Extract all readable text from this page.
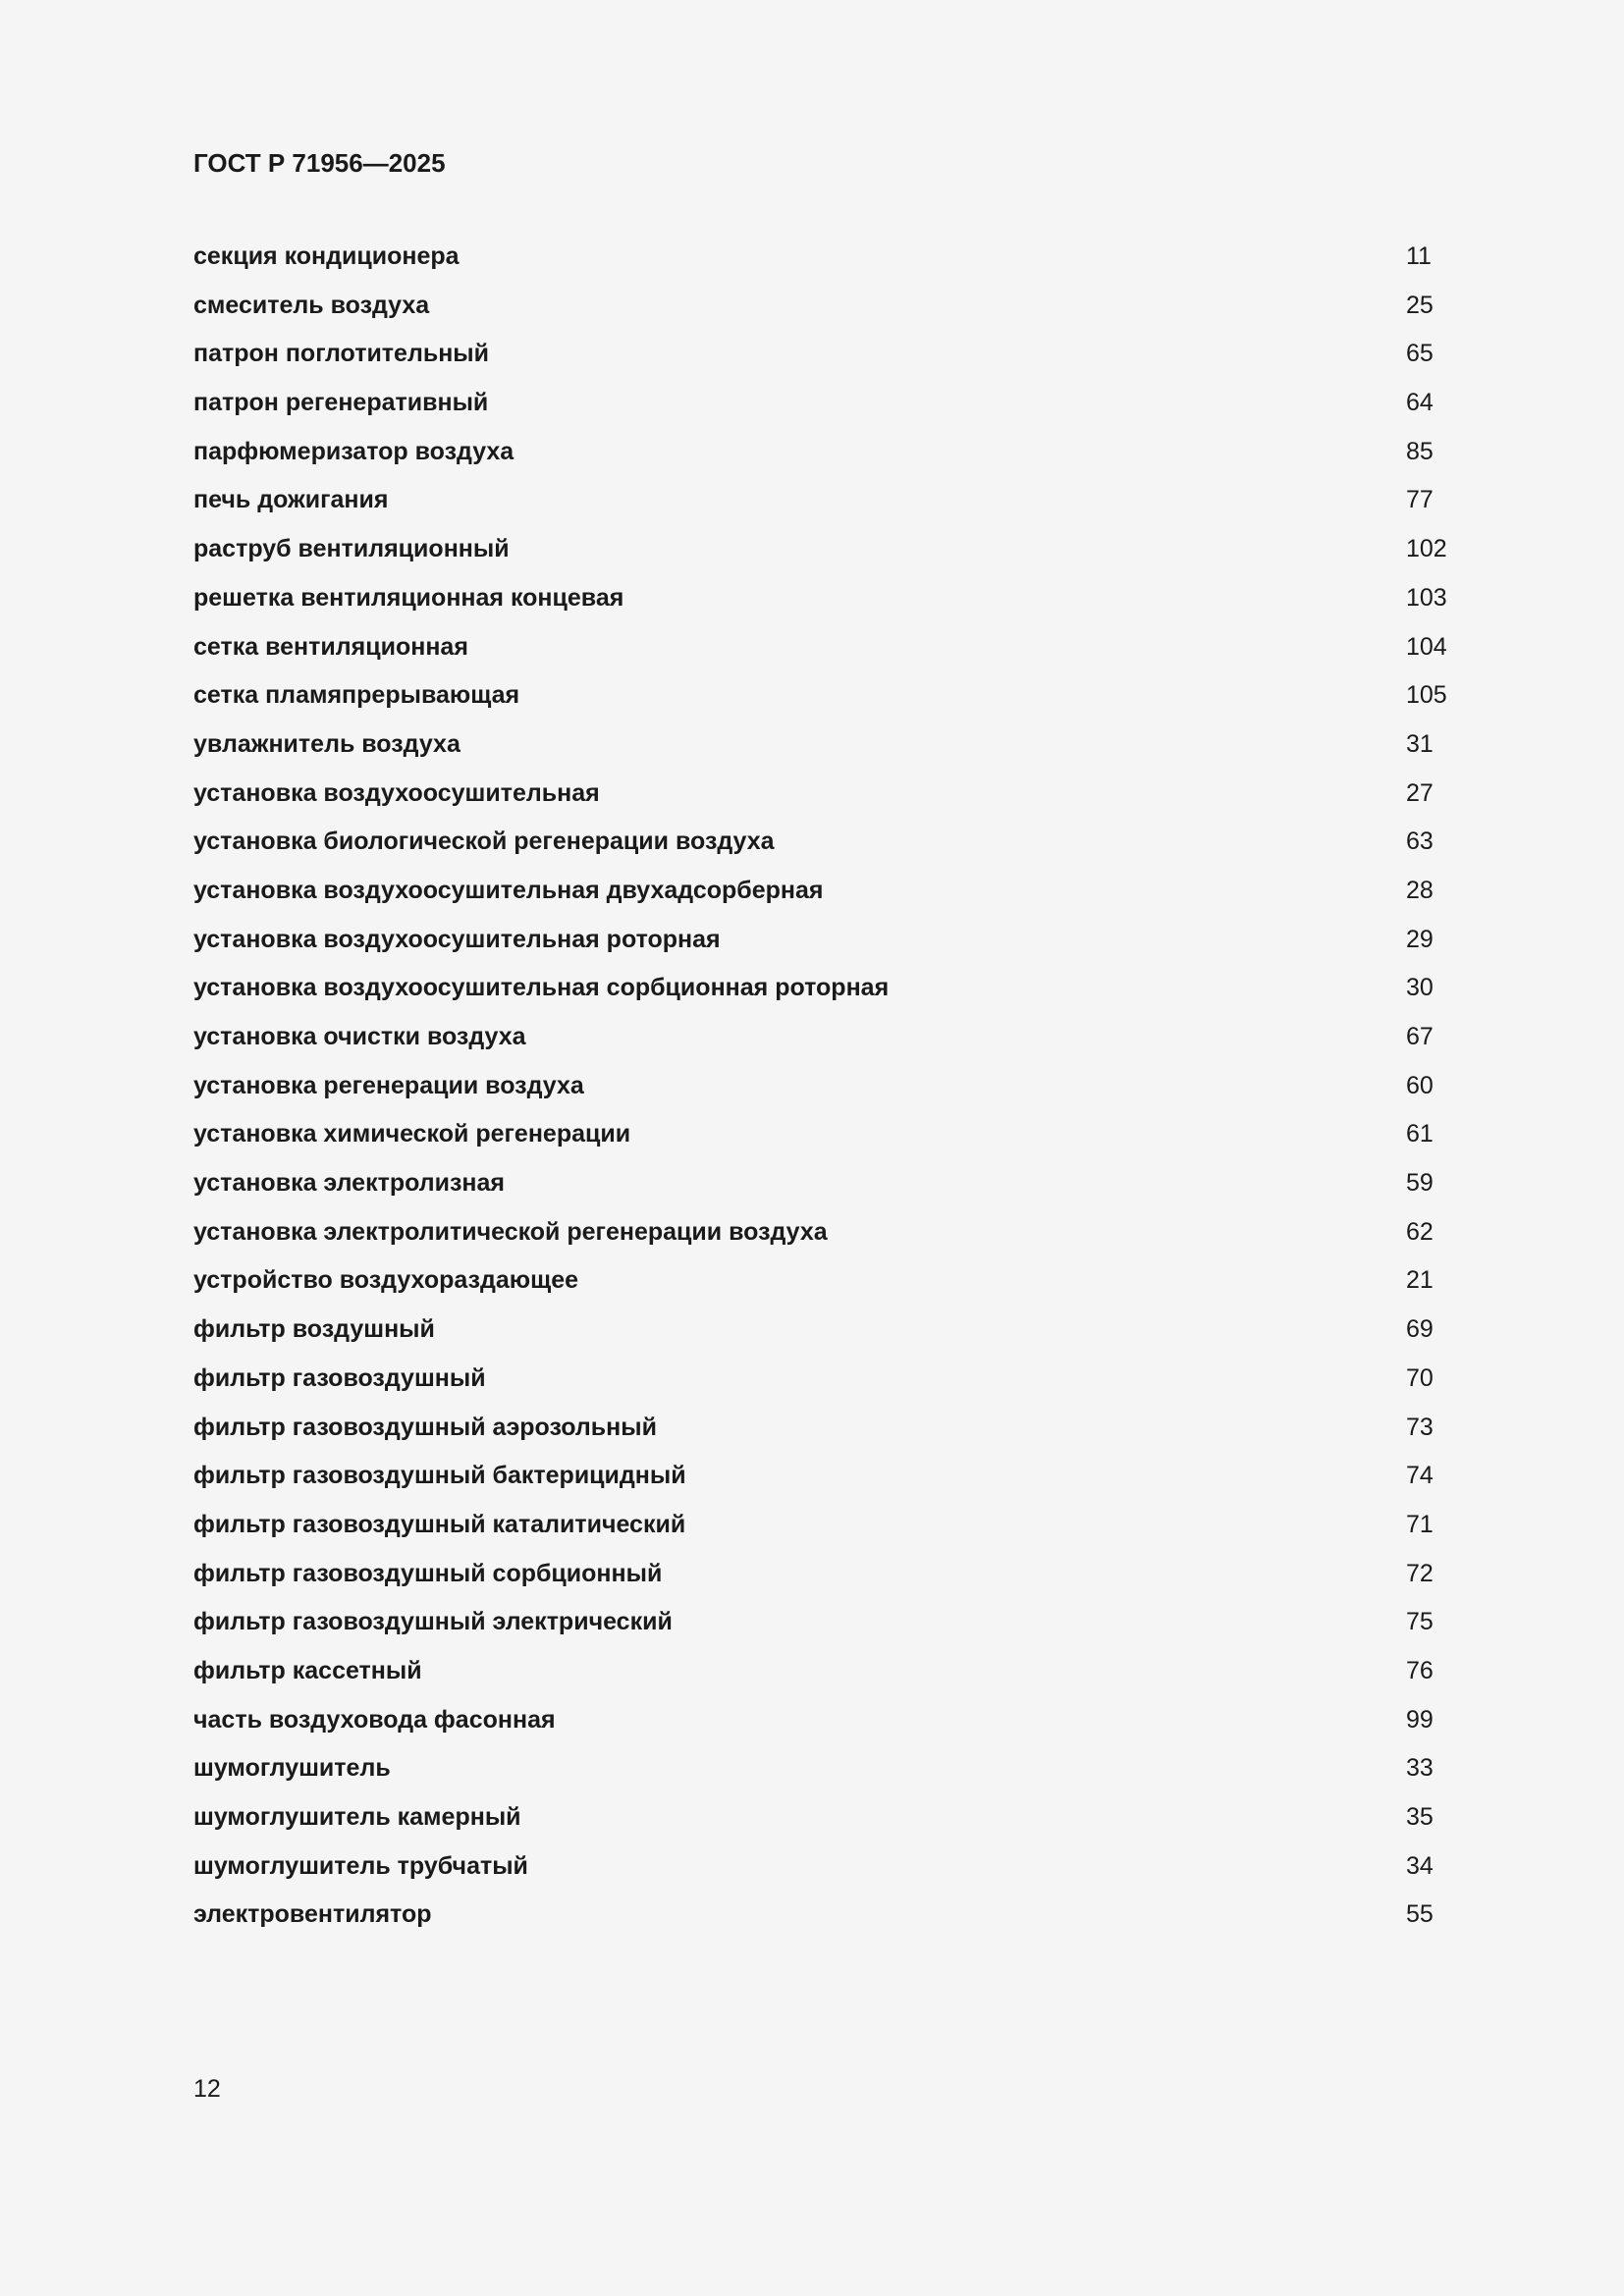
ГОСТ Р 71956—2025
секция кондиционера	11
смеситель воздуха	25
патрон поглотительный	65
патрон регенеративный	64
парфюмеризатор воздуха	85
печь дожигания	77
раструб вентиляционный	102
решетка вентиляционная концевая	103
сетка вентиляционная	104
сетка пламяпрерывающая	105
увлажнитель воздуха	31
установка воздухоосушительная	27
установка биологической регенерации воздуха	63
установка воздухоосушительная двухадсорберная	28
установка воздухоосушительная роторная	29
установка воздухоосушительная сорбционная роторная	30
установка очистки воздуха	67
установка регенерации воздуха	60
установка химической регенерации	61
установка электролизная	59
установка электролитической регенерации воздуха	62
устройство воздухораздающее	21
фильтр воздушный	69
фильтр газовоздушный	70
фильтр газовоздушный аэрозольный	73
фильтр газовоздушный бактерицидный	74
фильтр газовоздушный каталитический	71
фильтр газовоздушный сорбционный	72
фильтр газовоздушный электрический	75
фильтр кассетный	76
часть воздуховода фасонная	99
шумоглушитель	33
шумоглушитель камерный	35
шумоглушитель трубчатый	34
электровентилятор	55
12
